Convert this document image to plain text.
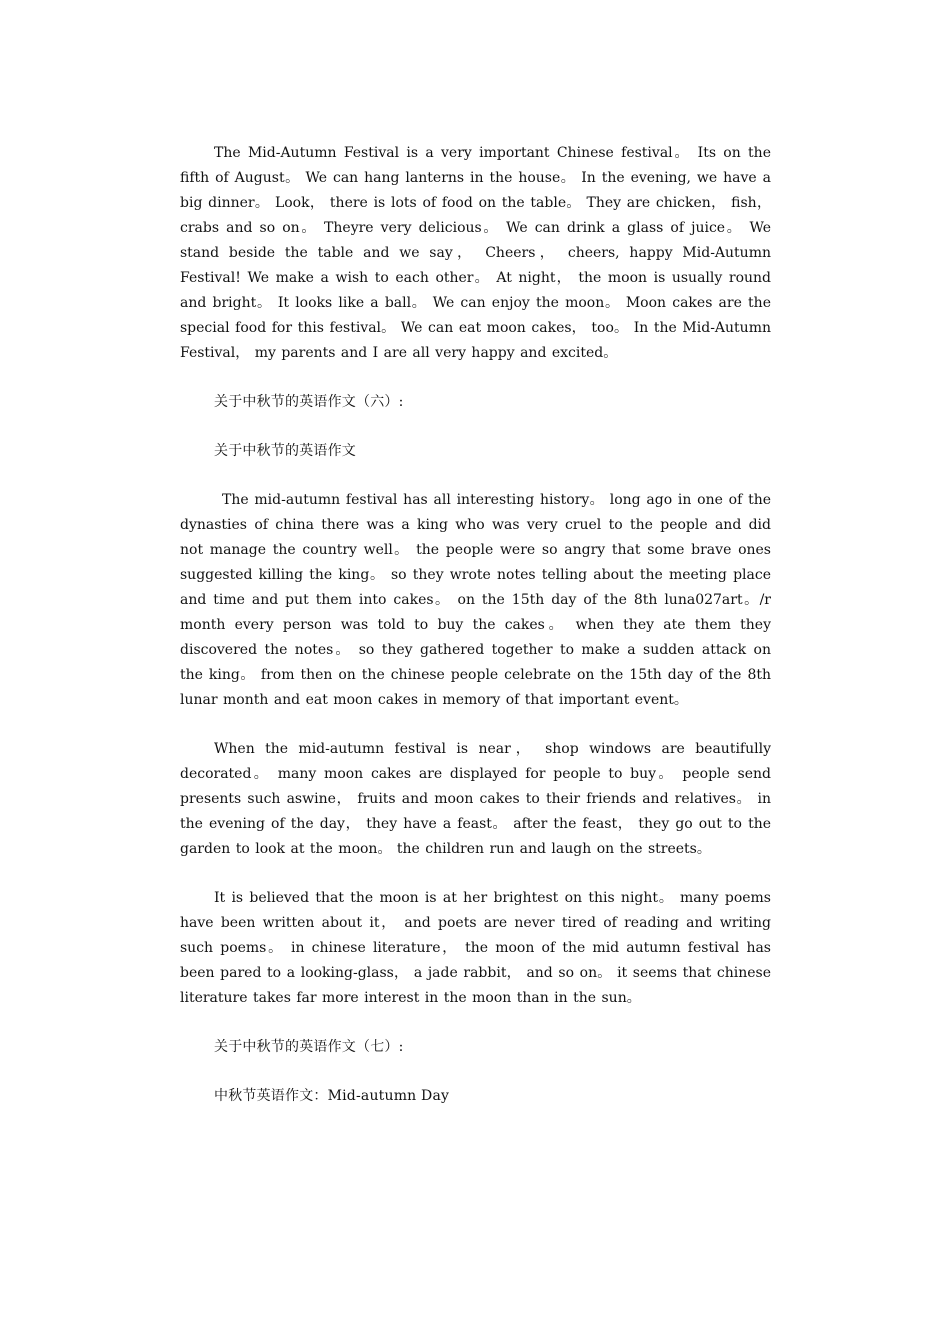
The Mid-Autumn Festival is a very important Chinese festival。 Its on the fifth of August。 We can hang lanterns in the house。 In the evening, we have a big dinner。 Look， there is lots of food on the table。 They are chicken， fish， crabs and so on。 Theyre very delicious。 We can drink a glass of juice。 We stand beside the table and we say， Cheers， cheers, happy Mid-Autumn Festival! We make a wish to each other。 At night， the moon is usually round and bright。 It looks like a ball。 We can enjoy the moon。 Moon cakes are the special food for this festival。 We can eat moon cakes， too。 In the Mid-Autumn Festival， my parents and I are all very happy and excited。

关于中秋节的英语作文（六）:

关于中秋节的英语作文

The mid-autumn festival has all interesting history。 long ago in one of the dynasties of china there was a king who was very cruel to the people and did not manage the country well。 the people were so angry that some brave ones suggested killing the king。 so they wrote notes telling about the meeting place and time and put them into cakes。 on the 15th day of the 8th luna027art。/r month every person was told to buy the cakes。 when they ate them they discovered the notes。 so they gathered together to make a sudden attack on the king。 from then on the chinese people celebrate on the 15th day of the 8th lunar month and eat moon cakes in memory of that important event。

When the mid-autumn festival is near， shop windows are beautifully decorated。 many moon cakes are displayed for people to buy。 people send presents such aswine， fruits and moon cakes to their friends and relatives。 in the evening of the day， they have a feast。 after the feast， they go out to the garden to look at the moon。 the children run and laugh on the streets。

It is believed that the moon is at her brightest on this night。 many poems have been written about it， and poets are never tired of reading and writing such poems。 in chinese literature， the moon of the mid autumn festival has been pared to a looking-glass， a jade rabbit， and so on。 it seems that chinese literature takes far more interest in the moon than in the sun。

关于中秋节的英语作文（七）:

中秋节英语作文：Mid-autumn Day
